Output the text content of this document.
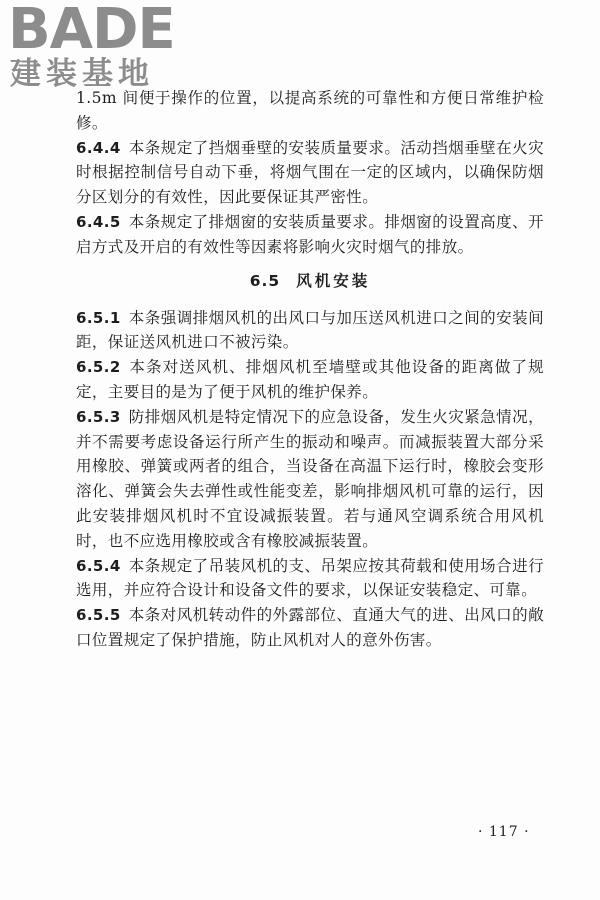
BADE
建装基地

1.5m 间便于操作的位置，以提高系统的可靠性和方便日常维护检修。

6.4.4 本条规定了挡烟垂壁的安装质量要求。活动挡烟垂壁在火灾时根据控制信号自动下垂，将烟气围在一定的区域内，以确保防烟分区划分的有效性，因此要保证其严密性。

6.4.5 本条规定了排烟窗的安装质量要求。排烟窗的设置高度、开启方式及开启的有效性等因素将影响火灾时烟气的排放。

6.5 风机安装

6.5.1 本条强调排烟风机的出风口与加压送风机进口之间的安装间距，保证送风机进口不被污染。

6.5.2 本条对送风机、排烟风机至墙壁或其他设备的距离做了规定，主要目的是为了便于风机的维护保养。

6.5.3 防排烟风机是特定情况下的应急设备，发生火灾紧急情况，并不需要考虑设备运行所产生的振动和噪声。而减振装置大部分采用橡胶、弹簧或两者的组合，当设备在高温下运行时，橡胶会变形溶化、弹簧会失去弹性或性能变差，影响排烟风机可靠的运行，因此安装排烟风机时不宜设减振装置。若与通风空调系统合用风机时，也不应选用橡胶或含有橡胶减振装置。

6.5.4 本条规定了吊装风机的支、吊架应按其荷载和使用场合进行选用，并应符合设计和设备文件的要求，以保证安装稳定、可靠。

6.5.5 本条对风机转动件的外露部位、直通大气的进、出风口的敞口位置规定了保护措施，防止风机对人的意外伤害。

· 117 ·
